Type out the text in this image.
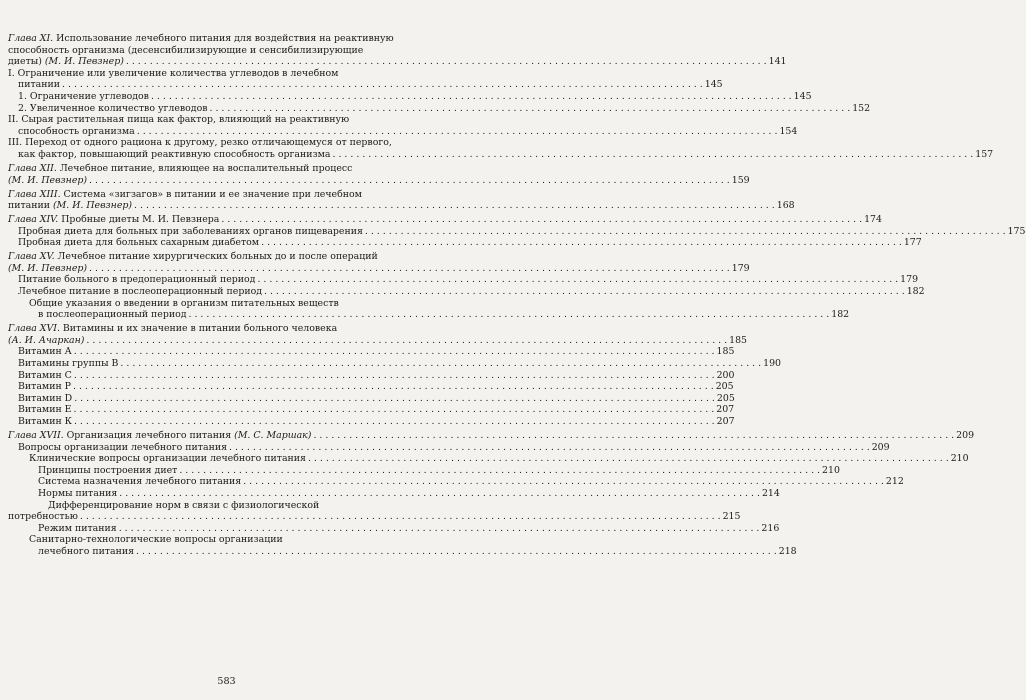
Глава XI. Использование лечебного питания для воздействия на реактивную
способность организма (десенсибилизирующие и сенсибилизирующие
диеты) (М. И. Певзнер) . . .	141
I. Ограничение или увеличение количества углеводов в лечебном
питании . . .	145
1. Ограничение углеводов . . .	145
2. Увеличенное количество углеводов . . .	152
II. Сырая растительная пища как фактор, влияющий на реактивную
способность организма . . .	154
III. Переход от одного рациона к другому, резко отличающемуся от первого,
как фактор, повышающий реактивную способность организма . . .	157
Глава XII. Лечебное питание, влияющее на воспалительный процесс
(М. И. Певзнер) . . .	159
Глава XIII. Система «зигзагов» в питании и ее значение при лечебном
питании (М. И. Певзнер) . . .	168
Глава XIV. Пробные диеты М. И. Певзнера . . .	174
Пробная диета для больных при заболеваниях органов пищеварения . . .	175
Пробная диета для больных сахарным диабетом . . .	177
Глава XV. Лечебное питание хирургических больных до и после операций
(М. И. Певзнер) . . .	179
Питание больного в предоперационный период . . .	179
Лечебное питание в послеоперационный период . . .	182
Общие указания о введении в организм питательных веществ
в послеоперационный период . . .	182
Глава XVI. Витамины и их значение в питании больного человека
(А. И. Ачаркан) . . .	185
Витамин А . . .	185
Витамины группы В . . .	190
Витамин С . . .	200
Витамин Р . . .	205
Витамин D . . .	205
Витамин Е . . .	207
Витамин К . . .	207
Глава XVII. Организация лечебного питания (М. С. Маршак) . . .	209
Вопросы организации лечебного питания . . .	209
Клинические вопросы организации лечебного питания . . .	210
Принципы построения диет . . .	210
Система назначения лечебного питания . . .	212
Нормы питания . . .	214
Дифференцирование норм в связи с физиологической
потребностью . . .	215
Режим питания . . .	216
Санитарно-технологические вопросы организации
лечебного питания . . .	218
583
